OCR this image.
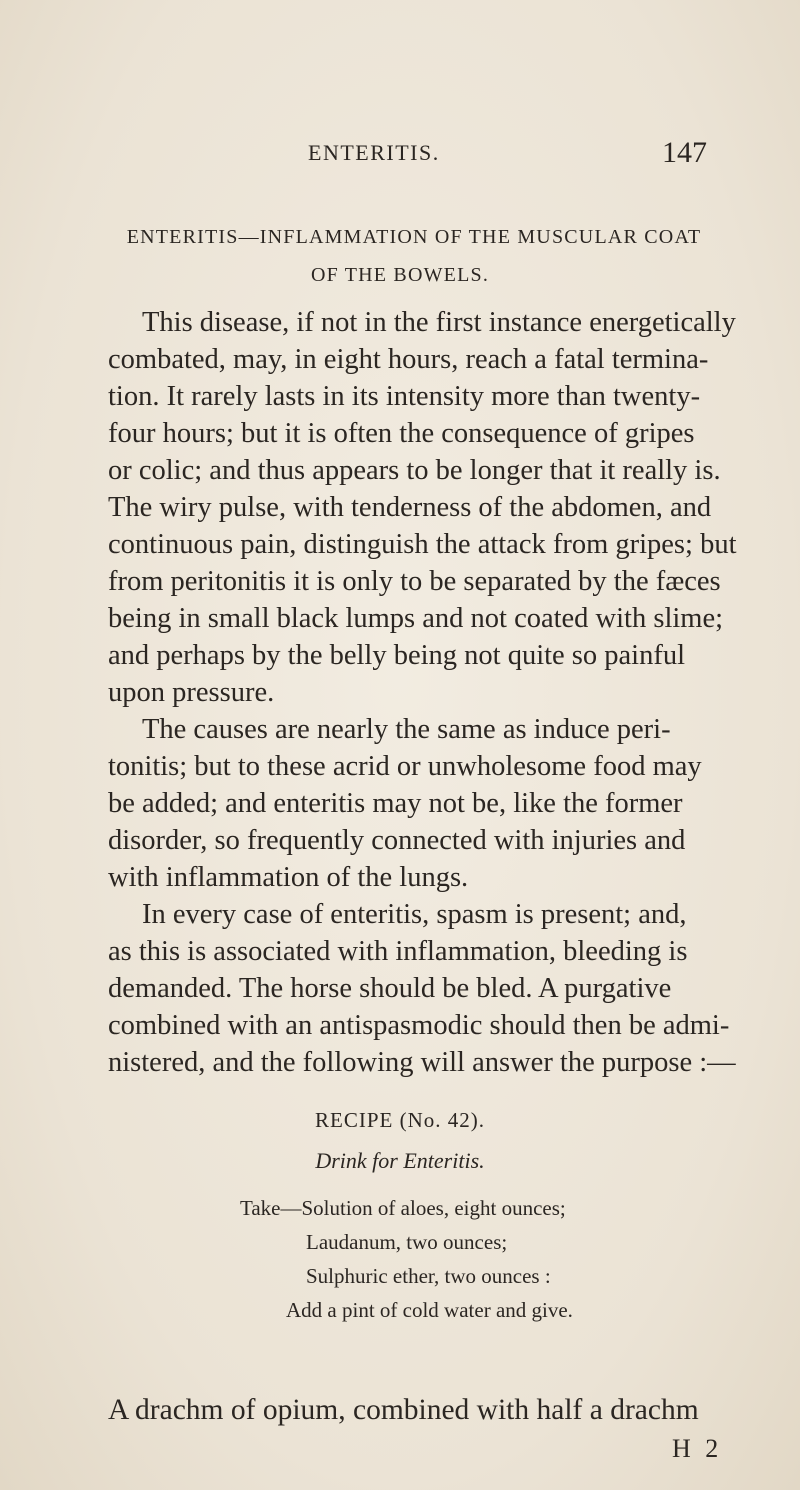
ENTERITIS.	147
ENTERITIS—INFLAMMATION OF THE MUSCULAR COAT
OF THE BOWELS.
This disease, if not in the first instance energetically
combated, may, in eight hours, reach a fatal termina-
tion. It rarely lasts in its intensity more than twenty-
four hours; but it is often the consequence of gripes
or colic; and thus appears to be longer that it really is.
The wiry pulse, with tenderness of the abdomen, and
continuous pain, distinguish the attack from gripes; but
from peritonitis it is only to be separated by the fæces
being in small black lumps and not coated with slime;
and perhaps by the belly being not quite so painful
upon pressure.
The causes are nearly the same as induce peri-
tonitis; but to these acrid or unwholesome food may
be added; and enteritis may not be, like the former
disorder, so frequently connected with injuries and
with inflammation of the lungs.
In every case of enteritis, spasm is present; and,
as this is associated with inflammation, bleeding is
demanded. The horse should be bled. A purgative
combined with an antispasmodic should then be admi-
nistered, and the following will answer the purpose :—
RECIPE (No. 42).
Drink for Enteritis.
Take—Solution of aloes, eight ounces;
Laudanum, two ounces;
Sulphuric ether, two ounces :
Add a pint of cold water and give.
A drachm of opium, combined with half a drachm
H 2
